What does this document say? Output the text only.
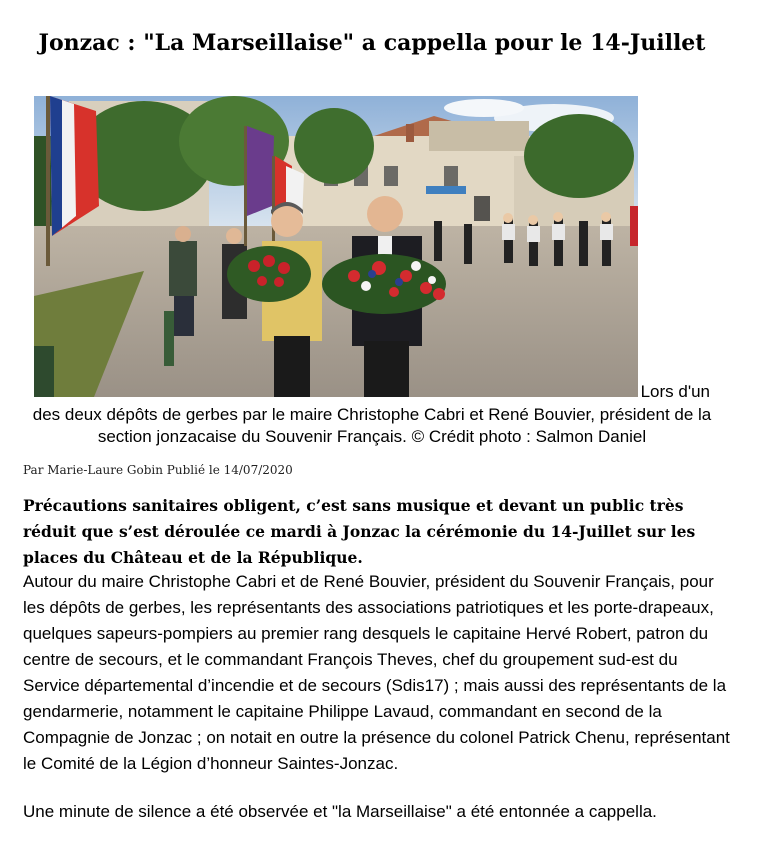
Jonzac : "La Marseillaise" a cappella pour le 14-Juillet
Lors d'un
des deux dépôts de gerbes par le maire Christophe Cabri et René Bouvier, président de la section jonzacaise du Souvenir Français. © Crédit photo : Salmon Daniel
Par Marie-Laure Gobin Publié le 14/07/2020

Précautions sanitaires obligent, c’est sans musique et devant un public très réduit que s’est déroulée ce mardi à Jonzac la cérémonie du 14-Juillet sur les places du Château et de la République.

Autour du maire Christophe Cabri et de René Bouvier, président du Souvenir Français, pour les dépôts de gerbes, les représentants des associations patriotiques et les porte-drapeaux, quelques sapeurs-pompiers au premier rang desquels le capitaine Hervé Robert, patron du centre de secours, et le commandant François Theves, chef du groupement sud-est du Service départemental d’incendie et de secours (Sdis17) ; mais aussi des représentants de la gendarmerie, notamment le capitaine Philippe Lavaud, commandant en second de la Compagnie de Jonzac ; on notait en outre la présence du colonel Patrick Chenu, représentant le Comité de la Légion d’honneur Saintes-Jonzac.

Une minute de silence a été observée et "la Marseillaise" a été entonnée a cappella.
